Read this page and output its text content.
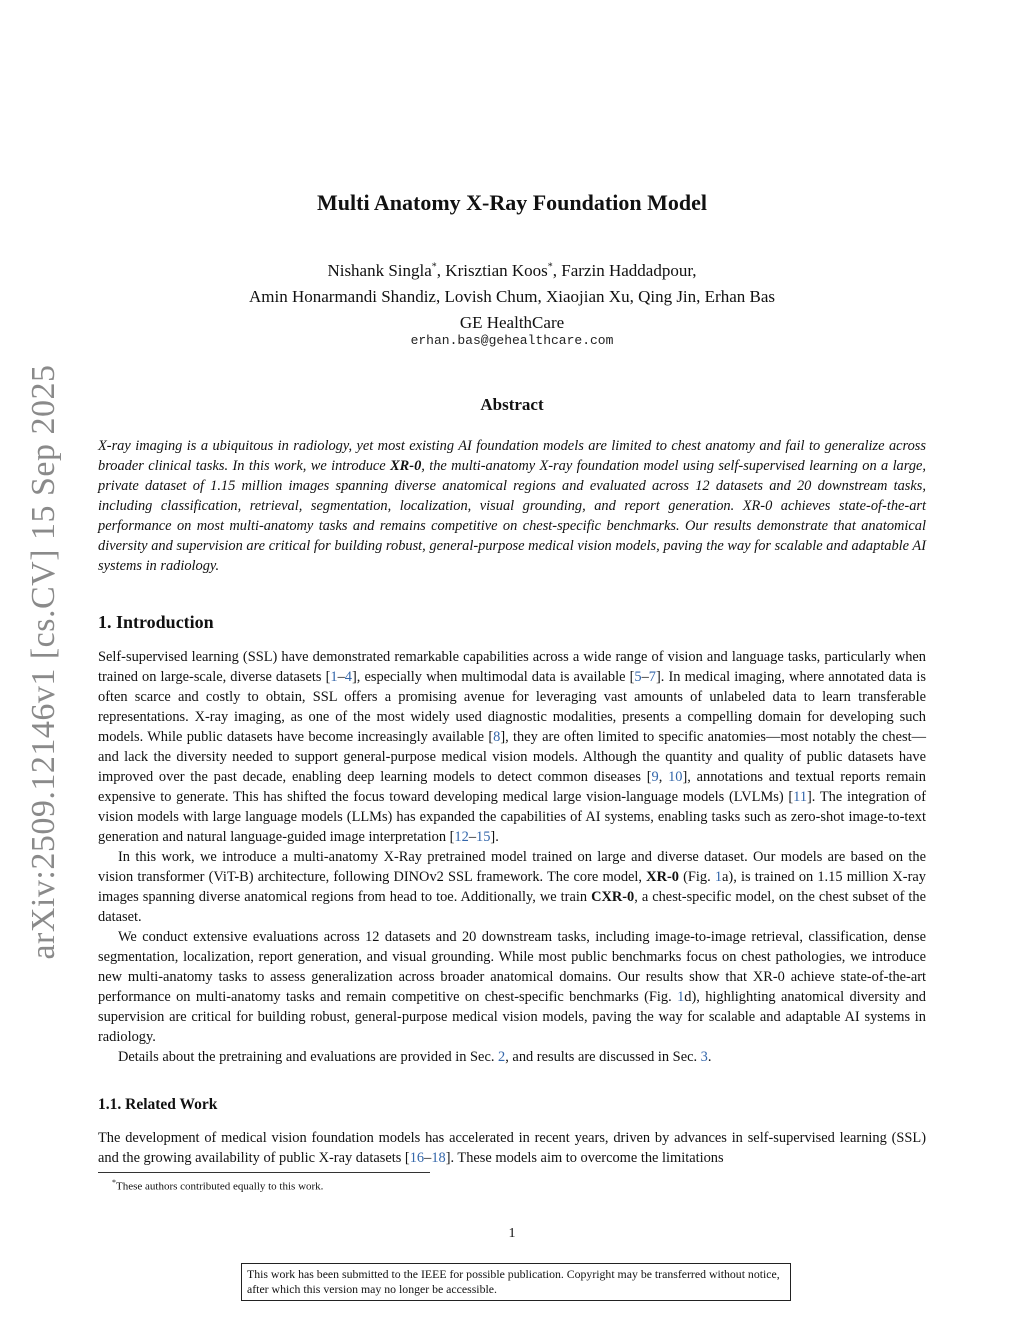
arXiv:2509.12146v1 [cs.CV] 15 Sep 2025
Multi Anatomy X-Ray Foundation Model
Nishank Singla*, Krisztian Koos*, Farzin Haddadpour,
Amin Honarmandi Shandiz, Lovish Chum, Xiaojian Xu, Qing Jin, Erhan Bas
GE HealthCare
erhan.bas@gehealthcare.com
Abstract

X-ray imaging is a ubiquitous in radiology, yet most existing AI foundation models are limited to chest anatomy and fail to generalize across broader clinical tasks. In this work, we introduce XR-0, the multi-anatomy X-ray foundation model using self-supervised learning on a large, private dataset of 1.15 million images spanning diverse anatomical regions and evaluated across 12 datasets and 20 downstream tasks, including classification, retrieval, segmentation, localization, visual grounding, and report generation. XR-0 achieves state-of-the-art performance on most multi-anatomy tasks and remains competitive on chest-specific benchmarks. Our results demonstrate that anatomical diversity and supervision are critical for building robust, general-purpose medical vision models, paving the way for scalable and adaptable AI systems in radiology.

1. Introduction

Self-supervised learning (SSL) have demonstrated remarkable capabilities across a wide range of vision and language tasks, particularly when trained on large-scale, diverse datasets [1–4], especially when multimodal data is available [5–7]. In medical imaging, where annotated data is often scarce and costly to obtain, SSL offers a promising avenue for leveraging vast amounts of unlabeled data to learn transferable representations. X-ray imaging, as one of the most widely used diagnostic modalities, presents a compelling domain for developing such models. While public datasets have become increasingly available [8], they are often limited to specific anatomies—most notably the chest—and lack the diversity needed to support general-purpose medical vision models. Although the quantity and quality of public datasets have improved over the past decade, enabling deep learning models to detect common diseases [9, 10], annotations and textual reports remain expensive to generate. This has shifted the focus toward developing medical large vision-language models (LVLMs) [11]. The integration of vision models with large language models (LLMs) has expanded the capabilities of AI systems, enabling tasks such as zero-shot image-to-text generation and natural language-guided image interpretation [12–15].

In this work, we introduce a multi-anatomy X-Ray pretrained model trained on large and diverse dataset. Our models are based on the vision transformer (ViT-B) architecture, following DINOv2 SSL framework. The core model, XR-0 (Fig. 1a), is trained on 1.15 million X-ray images spanning diverse anatomical regions from head to toe. Additionally, we train CXR-0, a chest-specific model, on the chest subset of the dataset.

We conduct extensive evaluations across 12 datasets and 20 downstream tasks, including image-to-image retrieval, classification, dense segmentation, localization, report generation, and visual grounding. While most public benchmarks focus on chest pathologies, we introduce new multi-anatomy tasks to assess generalization across broader anatomical domains. Our results show that XR-0 achieve state-of-the-art performance on multi-anatomy tasks and remain competitive on chest-specific benchmarks (Fig. 1d), highlighting anatomical diversity and supervision are critical for building robust, general-purpose medical vision models, paving the way for scalable and adaptable AI systems in radiology.

Details about the pretraining and evaluations are provided in Sec. 2, and results are discussed in Sec. 3.

1.1. Related Work

The development of medical vision foundation models has accelerated in recent years, driven by advances in self-supervised learning (SSL) and the growing availability of public X-ray datasets [16–18]. These models aim to overcome the limitations

*These authors contributed equally to this work.
1
This work has been submitted to the IEEE for possible publication. Copyright may be transferred without notice, after which this version may no longer be accessible.
